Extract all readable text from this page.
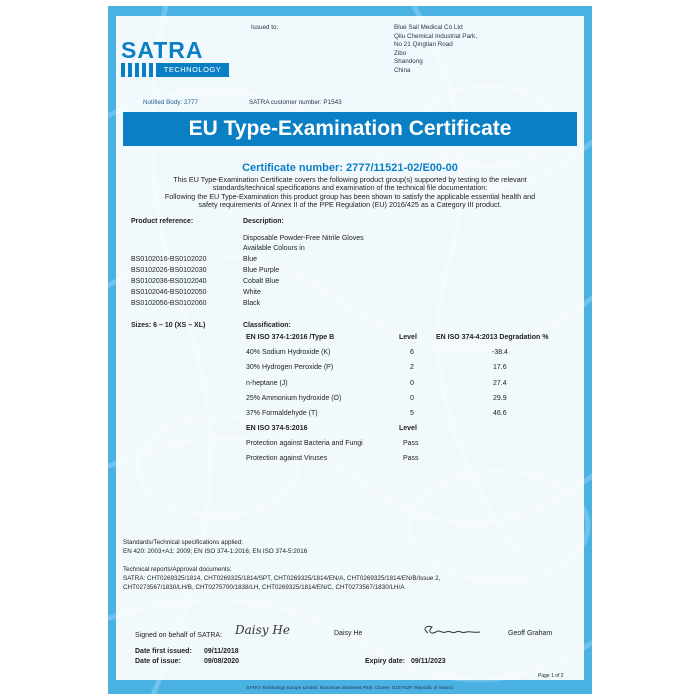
SATRA
TECHNOLOGY
Issued to:	Blue Sail Medical Co Ltd
Qilu Chemical Industrial Park,
No 21 Qingtian Road
Zibo
Shandong
China
Notified Body: 2777	SATRA customer number: P1543
EU Type-Examination Certificate
Certificate number: 2777/11521-02/E00-00
This EU Type-Examination Certificate covers the following product group(s) supported by testing to the relevant
standards/technical specifications and examination of the technical file documentation:
Following the EU Type-Examination this product group has been shown to satisfy the applicable essential health and
safety requirements of Annex II of the PPE Regulation (EU) 2016/425 as a Category III product.
Product reference:	Description:
Disposable Powder-Free Nitrile Gloves
Available Colours in
BS0102016-BS0102020	Blue
BS0102026-BS0102030	Blue Purple
BS0102036-BS0102040	Cobalt Blue
BS0102046-BS0102050	White
BS0102056-BS0102060	Black
Sizes: 6 – 10 (XS – XL)	Classification:
EN ISO 374-1:2016 /Type B	Level	EN ISO 374-4:2013 Degradation %
40% Sodium Hydroxide (K)	6	-38.4
30% Hydrogen Peroxide (P)	2	17.6
n-heptane (J)	0	27.4
25% Ammonium hydroxide (O)	0	29.9
37% Formaldehyde (T)	5	46.6
EN ISO 374-5:2016	Level
Protection against Bacteria and Fungi	Pass
Protection against Viruses	Pass
Standards/Technical specifications applied:
EN 420: 2003+A1: 2009; EN ISO 374-1:2016; EN ISO 374-5:2016
Technical reports/Approval documents:
SATRA: CHT0269325/1814, CHT0269325/1814/SPT, CHT0269325/1814/EN/A, CHT0269325/1814/EN/B/Issue 2,
CHT0273567/1830/LH/B, CHT0275700/1838/LH, CHT0269325/1814/EN/C, CHT0273567/1830/LH/A
Signed on behalf of SATRA: Daisy He	Daisy He	Geoff Graham
Date first issued: 09/11/2018
Date of issue:	09/08/2020	Expiry date: 09/11/2023
Page 1 of 2
SATRA Technology Europe Limited. Bracetown Business Park. Clonee. D15YN2P. Republic of Ireland.
